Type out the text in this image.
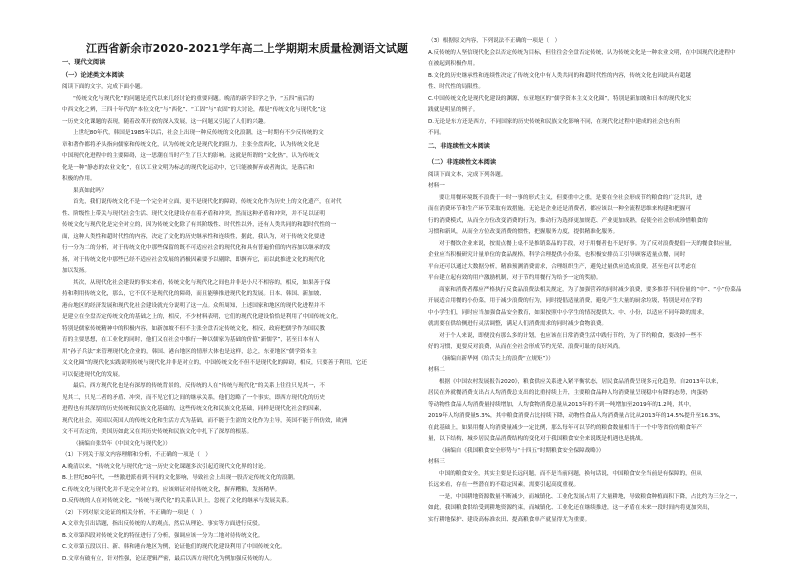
江西省新余市2020-2021学年高二上学期期末质量检测语文试题
一、现代文阅读
（一）论述类文本阅读
阅读下面的文字，完成下面小题。
“传统文化与现代化”的问题是近代以来几经讨论的重要问题。晚清的新学旧学之争，“五四”前后的
中西文化之辨，三四十年代的“本位文化”与“西化”、“工固”与“农固”的大讨论，都是“传统文化与现代化”这
一历史文化课题的表现，随着改革开放的深入发展，这一问题又引起了人们的兴趣。
上世纪80年代，韩国是1985年以后，社会上出现一种反传统的文化浪潮，这一时期有不少反传统的文
章和著作都将矛头指向儒家和传统文化，认为传统文化是现代化的阻力，主张全盘西化，认为传统文化是
中国现代化进程中的主要障碍，这一思潮在当时产生了巨大的影响。这就是所谓的“文化热”，认为传统文
化是一种“静态的农业文化”，在以工业文明为标志的现代化运动中，它只能被摒弃或者淘汰，是落后和
积极的作用。
果真如此吗？
首先，我们说传统文化不是一个完全对立面，更不是现代化的障碍，传统文化作为历史上的文化遗产，在对代
性、阶级性上带关与现代社会生活、现代文化建设存在着矛盾和冲突，然而这种矛盾和冲突，并不足以证明
传统文化与现代化是完全对立的，因为传统文化除了有其阶级性、时代性以外，还有人类共同的和超时代性的一
面，这种人类性和超时代性的内容，决定了文化的历史继承性和连续性，据此，我认为，对于传统文化要进
行一分为二的分析，对于传统文化中那些保留的既不可适应社会的现代化和具有普遍价值的内容加以继承的发
扬，对于传统文化中那些已经不适应社会发展的消极因素要予以剔除，即摒弃它，而以此推进文化的现代化
加以发扬。
其次，从现代化社会建设的事实来看，传统文化与现代化之间也并非是小尺不相容的，相反，如果善于保
持和利用传统文化，那么，它不仅不是现代化的障碍，而且能够推进现代化的发展。日本、韩国、新加坡、
港台地区的经济发展和现代化社会建设就充分说明了这一点。众所周知，上述国家和地区的现代化进程并不
是建立在全盘否定传统文化的基础之上的，相反，不少材料表明，它们的现代化建设恰恰是利用了中国传统文化，
特别是儒家传统精神中的积极内容，如新加坡不但不主张全盘否定传统文化，相反，政府把儒学作为国民教
育的主要思想，在工业化的同时，他们又在社会中推行一种以儒家为基础的价值“新儒学”，甚至日本有人
用“孙子兵法”来管理现代化企业的，韩国、港台地区的情形大体也是这样，总之，东亚地区“儒学资本主
义文化圈”的现代化实践说明传统与现代化并非是对立的，中国传统文化不但不是现代化的障碍，相反，只要善于利用，它还
可以促进现代化的发展。
最后，西方现代化也是有深厚的传统背景的，反传统的人在“传统与现代化”的关系上往往只见其一，不
见其二，只见二者的矛盾、冲突，而不见它们之间的继承关系，他们忽略了一个事实，即西方现代化的历史
进程也有其深厚的历史传统和民族文化基础的，这些传统文化和民族文化基础，同样是现代化社会的因素，
现代化社会，英国以英国人的传统文化和生活方式为基础，而不能于生涩的文化作为主导，英国不能于所仿效，欧洲
文不可否定的，美国历如此又在其历史传统和民族文化中扎下了深厚的根基。
（摘编自张岱年《中国文化与现代化》）
（1）下列关于原文内容理解和分析，不正确的一项是（　）
A.晚清以来，“传统文化与现代化”这一历史文化课题多次引起近现代文化界的讨论。
B.上世纪80年代，一些激进派看到不同的文化影响，导致社会上出现一股否定传统文化的浪潮。
C.传统文化与现代化并不是完全对立的，应该辩证对待传统文化，摒弃糟粕，发扬精华。
D.反传统的人在对传统文化、“传统与现代化”的关系认识上，忽视了文化的继承与发展关系。
（2）下列对原文论证的相关分析，不正确的一项是（　）
A.文章先引出话题，指出反传统的人的观点，然后从理论、事实等方面进行反驳。
B.文章第四段对传统文化的特征进行了分析，强调应该一分为二地对待传统文化。
C.文章第五段以日、新、韩和港台地区为例，论证他们的现代化建设利用了中国传统文化。
D.文章有破有立，针对性强，论证逻辑严密，最后以西方现代化为例加强反传统的人。
（3）根据原文内容，下列说法不正确的一项是（　）
A.反传统的人坚信现代化会以否定传统为目标，但往往会全盘否定传统，认为传统文化是一种农业文明，在中国现代化进程中
在被起到积极作用。
B.文化的历史继承性和连续性决定了传统文化中有人类共同的和超时代性的内容，传统文化也因此具有超越
性、时代性的局限性。
C.中国传统文化是现代化建设的渊源，东亚地区的“儒学资本主义文化圈”，特别是新加坡和日本的现代化实
践就是明显的例子。
D.无论是东方还是西方，不同国家的历史传统和民族文化影响不同，在现代化过程中建成的社会也有所
不同。
二、非连续性文本阅读
（二）非连续性文本阅读
阅读下面文本，完成下列各题。
材料一
要让用餐环境既不浪费于一时一事的形式主义，但要重中之重，是要在全社会形成节约粮食的广泛共识，进
而在消费环节和生产环节采取有效措施。无论是企业还是消费者，都应该以一种全流程思维来构建和把握可
行的消费模式，从而全方位改变消费的行为，推动行为选择更加规范、产业更加成熟，促使全社会形成珍惜粮食的
习惯和新风，从而全方位改变消费的惯性，把握服务力度，提供精准化服务。
对于餐饮企业来说，按需点餐上桌不是推销菜品的手段，对于用餐者也不是好事。为了反对浪费提倡一天的餐食供应量，
企业应当积极研究计量单位的食品规格，科学合理提供小份菜，也积极安排员工引导顾客适量点餐，同时
平台还可以通过大数据分析，精准预测消费需求，合理组织生产，避免过量供应造成浪费，甚至也可以考虑在
平台建立起有效的用户激励机制，对于节约用餐行为给予一定的奖励。
商家和消费者都应严格执行反食品浪费法相关规定，为了加强营养的同时减少浪费，要多推荐不同份量的“中”、“小”份菜品
开展适合用餐的小份菜，用于减少浪费的行为，同时提倡适量消费，避免产生大量的厨余垃圾，特别是对在学的
中小学生们，同时应当加强食品安全教育，如果按照中小学生的情况提供大、中、小份，以适应不同年龄的需求，
就需要在供给侧进行灵活调整，满足人们消费需求的同时减少食物浪费。
对于个人来说，即便没有那么多的计划，也应该在日常消费生活中践行节约，为了节约粮食，要改掉一些不
好的习惯，更要反对浪费，从而在全社会形成节约光荣、浪费可耻的良好风尚。
（摘编自新华网《给舌尖上的浪费“立规矩”》）
材料二
根据《中国农村发展报告2020》，粮食供应关系进入紧平衡状态，居民食品消费呈现多元化趋势。自2013年以来，
居民在外就餐消费支出占人均消费总支出的比重持续上升，主要粮食品种人均消费量呈现稳中有降的态势，肉蛋奶
等动物性食品人均消费量持续增加，人均食物消费总量从2013年的不到一吨增加至2019年的1.2吨，其中，
2019年人均消费量5.3%，其中粮食消费占比持续下降，动物性食品人均消费量占比从2013年的14.5%提升至16.3%，
在此基础上，如果用餐人均消费量减少一定比例，那么每年可以节约的粮食数量相当于一个中等省份的粮食年产
量，以下结构，城乡居民食品消费结构的变化对于我国粮食安全来说既是机遇也是挑战。
（摘编自《我国粮食安全形势与“十四五”时期粮食安全保障战略》）
材料三
中国的粮食安全，其实主要是长远问题，而不是当前问题，换句话说，中国粮食安全当前是有保障的，但从
长远来看，存在一些潜在的不稳定因素，需要引起高度重视。
一是，中国耕地资源数量不断减少，而城镇化、工业化发展占用了大量耕地，导致粮食种植面积下降，占比约为三分之一，
如此，我国粮食供给受到耕地资源约束，而城镇化、工业化还在继续推进，这一矛盾在未来一段时间内将更加突出，
实行耕地保护、建设高标准农田、提高粮食单产就显得尤为重要。
